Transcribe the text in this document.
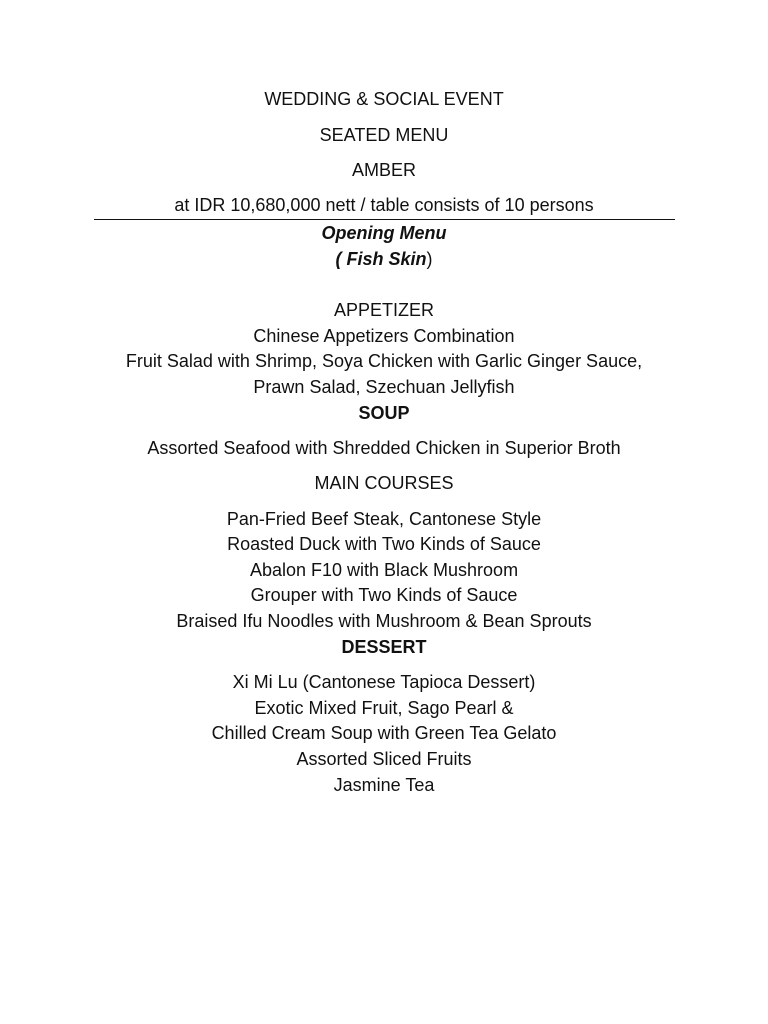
WEDDING & SOCIAL EVENT
SEATED MENU
AMBER
at IDR 10,680,000 nett / table consists of 10 persons
Opening Menu
( Fish Skin)
APPETIZER
Chinese Appetizers Combination
Fruit Salad with Shrimp, Soya Chicken with Garlic Ginger Sauce,
Prawn Salad, Szechuan Jellyfish
SOUP
Assorted Seafood with Shredded Chicken in Superior Broth
MAIN COURSES
Pan-Fried Beef Steak, Cantonese Style
Roasted Duck with Two Kinds of Sauce
Abalon F10 with Black Mushroom
Grouper with Two Kinds of Sauce
Braised Ifu Noodles with Mushroom & Bean Sprouts
DESSERT
Xi Mi Lu (Cantonese Tapioca Dessert)
Exotic Mixed Fruit, Sago Pearl &
Chilled Cream Soup with Green Tea Gelato
Assorted Sliced Fruits
Jasmine Tea
